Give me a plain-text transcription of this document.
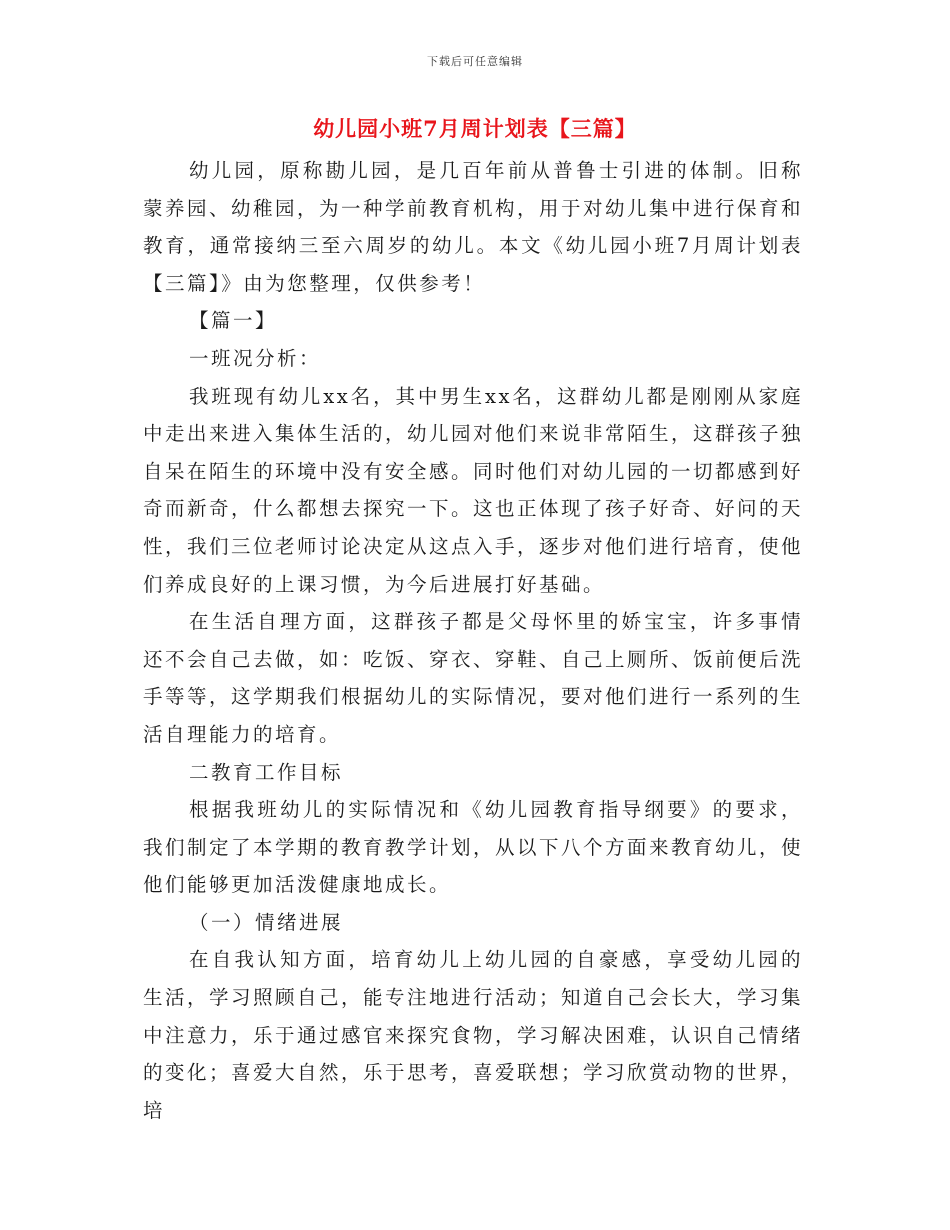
下载后可任意编辑
幼儿园小班7月周计划表【三篇】

幼儿园，原称勘儿园，是几百年前从普鲁士引进的体制。旧称蒙养园、幼稚园，为一种学前教育机构，用于对幼儿集中进行保育和教育，通常接纳三至六周岁的幼儿。本文《幼儿园小班7月周计划表【三篇】》由为您整理，仅供参考！

【篇一】

一班况分析：

我班现有幼儿xx名，其中男生xx名，这群幼儿都是刚刚从家庭中走出来进入集体生活的，幼儿园对他们来说非常陌生，这群孩子独自呆在陌生的环境中没有安全感。同时他们对幼儿园的一切都感到好奇而新奇，什么都想去探究一下。这也正体现了孩子好奇、好问的天性，我们三位老师讨论决定从这点入手，逐步对他们进行培育，使他们养成良好的上课习惯，为今后进展打好基础。

在生活自理方面，这群孩子都是父母怀里的娇宝宝，许多事情还不会自己去做，如：吃饭、穿衣、穿鞋、自己上厕所、饭前便后洗手等等，这学期我们根据幼儿的实际情况，要对他们进行一系列的生活自理能力的培育。

二教育工作目标

根据我班幼儿的实际情况和《幼儿园教育指导纲要》的要求，我们制定了本学期的教育教学计划，从以下八个方面来教育幼儿，使他们能够更加活泼健康地成长。

（一）情绪进展

在自我认知方面，培育幼儿上幼儿园的自豪感，享受幼儿园的生活，学习照顾自己，能专注地进行活动；知道自己会长大，学习集中注意力，乐于通过感官来探究食物，学习解决困难，认识自己情绪的变化；喜爱大自然，乐于思考，喜爱联想；学习欣赏动物的世界，培
